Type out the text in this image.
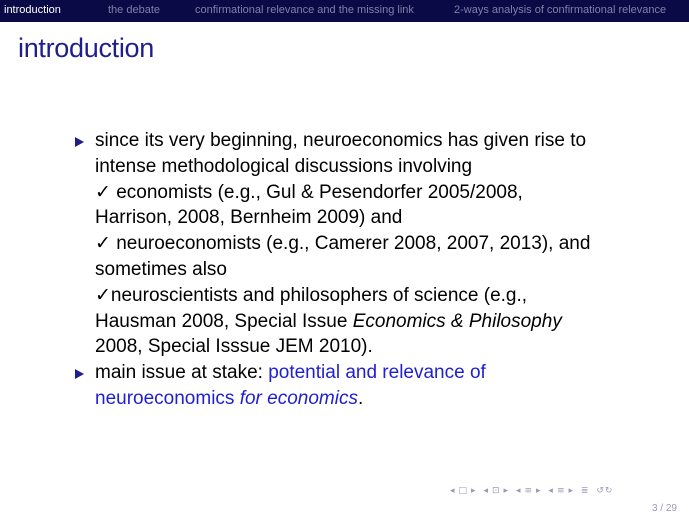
introduction	the debate	confirmational relevance and the missing link	2-ways analysis of confirmational relevance
introduction
since its very beginning, neuroeconomics has given rise to
intense methodological discussions involving
✓ economists (e.g., Gul & Pesendorfer 2005/2008,
Harrison, 2008, Bernheim 2009) and
✓ neuroeconomists (e.g., Camerer 2008, 2007, 2013), and
sometimes also
✓neuroscientists and philosophers of science (e.g.,
Hausman 2008, Special Issue Economics & Philosophy
2008, Special Isssue JEM 2010).
main issue at stake: potential and relevance of
neuroeconomics for economics.
◂ □ ▸ ◂ ⊡ ▸ ◂ ≡ ▸ ◂ ≡ ▸ ≣ ↺↻
3 / 29
